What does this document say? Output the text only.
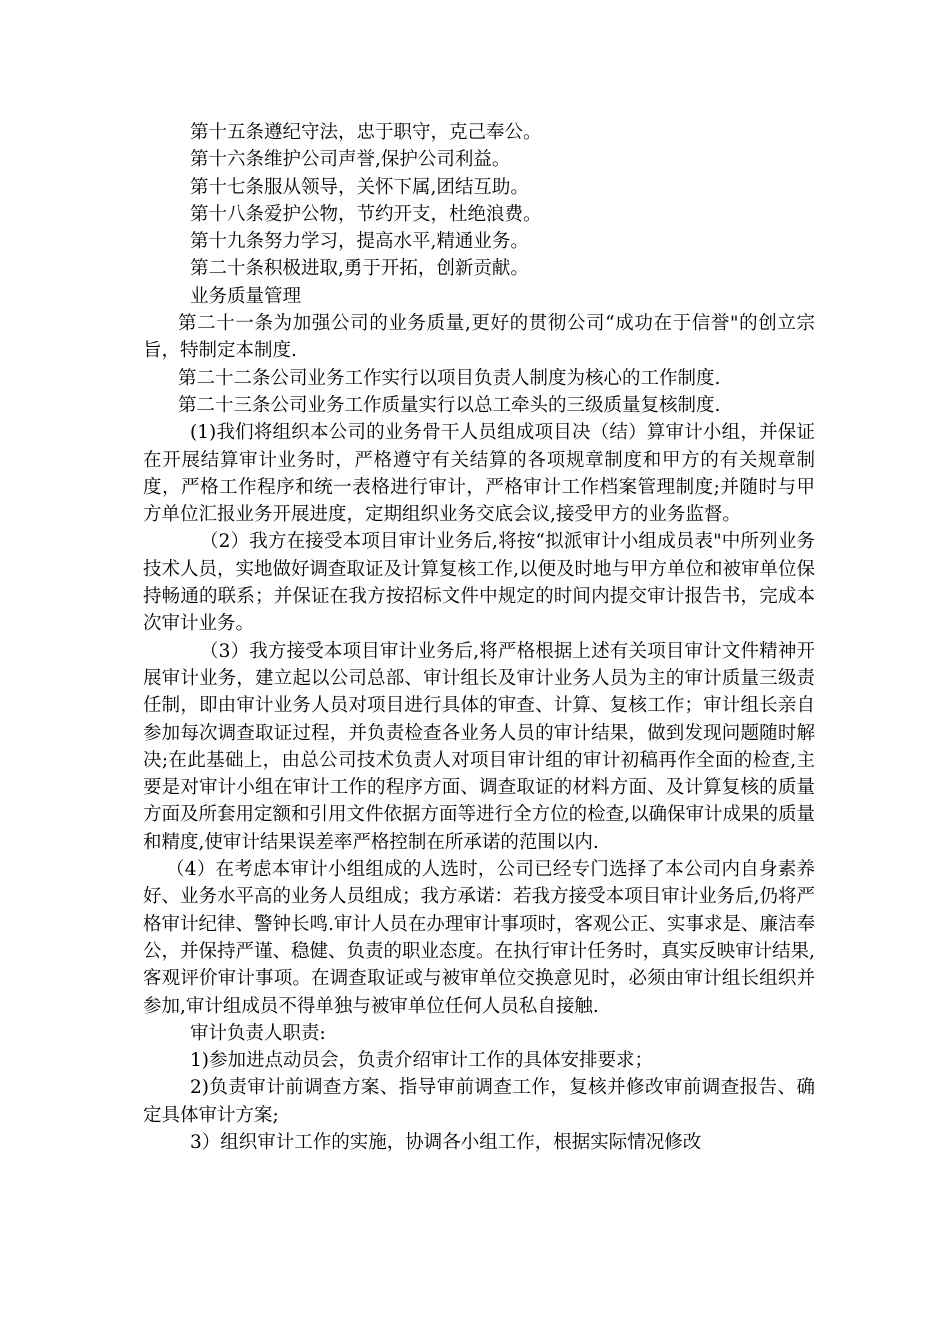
第十五条遵纪守法，忠于职守，克己奉公。

第十六条维护公司声誉,保护公司利益。

第十七条服从领导，关怀下属,团结互助。

第十八条爱护公物，节约开支，杜绝浪费。

第十九条努力学习，提高水平,精通业务。

第二十条积极进取,勇于开拓，创新贡献。

业务质量管理

第二十一条为加强公司的业务质量,更好的贯彻公司“成功在于信誉"的创立宗旨，特制定本制度.

第二十二条公司业务工作实行以项目负责人制度为核心的工作制度.

第二十三条公司业务工作质量实行以总工牵头的三级质量复核制度.

(1)我们将组织本公司的业务骨干人员组成项目决（结）算审计小组，并保证在开展结算审计业务时，严格遵守有关结算的各项规章制度和甲方的有关规章制度，严格工作程序和统一表格进行审计，严格审计工作档案管理制度;并随时与甲方单位汇报业务开展进度，定期组织业务交底会议,接受甲方的业务监督。

（2）我方在接受本项目审计业务后,将按“拟派审计小组成员表"中所列业务技术人员，实地做好调查取证及计算复核工作,以便及时地与甲方单位和被审单位保持畅通的联系；并保证在我方按招标文件中规定的时间内提交审计报告书，完成本次审计业务。

（3）我方接受本项目审计业务后,将严格根据上述有关项目审计文件精神开展审计业务，建立起以公司总部、审计组长及审计业务人员为主的审计质量三级责任制，即由审计业务人员对项目进行具体的审查、计算、复核工作；审计组长亲自参加每次调查取证过程，并负责检查各业务人员的审计结果，做到发现问题随时解决;在此基础上，由总公司技术负责人对项目审计组的审计初稿再作全面的检查,主要是对审计小组在审计工作的程序方面、调查取证的材料方面、及计算复核的质量方面及所套用定额和引用文件依据方面等进行全方位的检查,以确保审计成果的质量和精度,使审计结果误差率严格控制在所承诺的范围以内.

（4）在考虑本审计小组组成的人选时，公司已经专门选择了本公司内自身素养好、业务水平高的业务人员组成；我方承诺：若我方接受本项目审计业务后,仍将严格审计纪律、警钟长鸣.审计人员在办理审计事项时，客观公正、实事求是、廉洁奉公，并保持严谨、稳健、负责的职业态度。在执行审计任务时，真实反映审计结果,客观评价审计事项。在调查取证或与被审单位交换意见时，必须由审计组长组织并参加,审计组成员不得单独与被审单位任何人员私自接触.

审计负责人职责:

1)参加进点动员会，负责介绍审计工作的具体安排要求；

2)负责审计前调查方案、指导审前调查工作，复核并修改审前调查报告、确定具体审计方案;

3）组织审计工作的实施，协调各小组工作，根据实际情况修改
